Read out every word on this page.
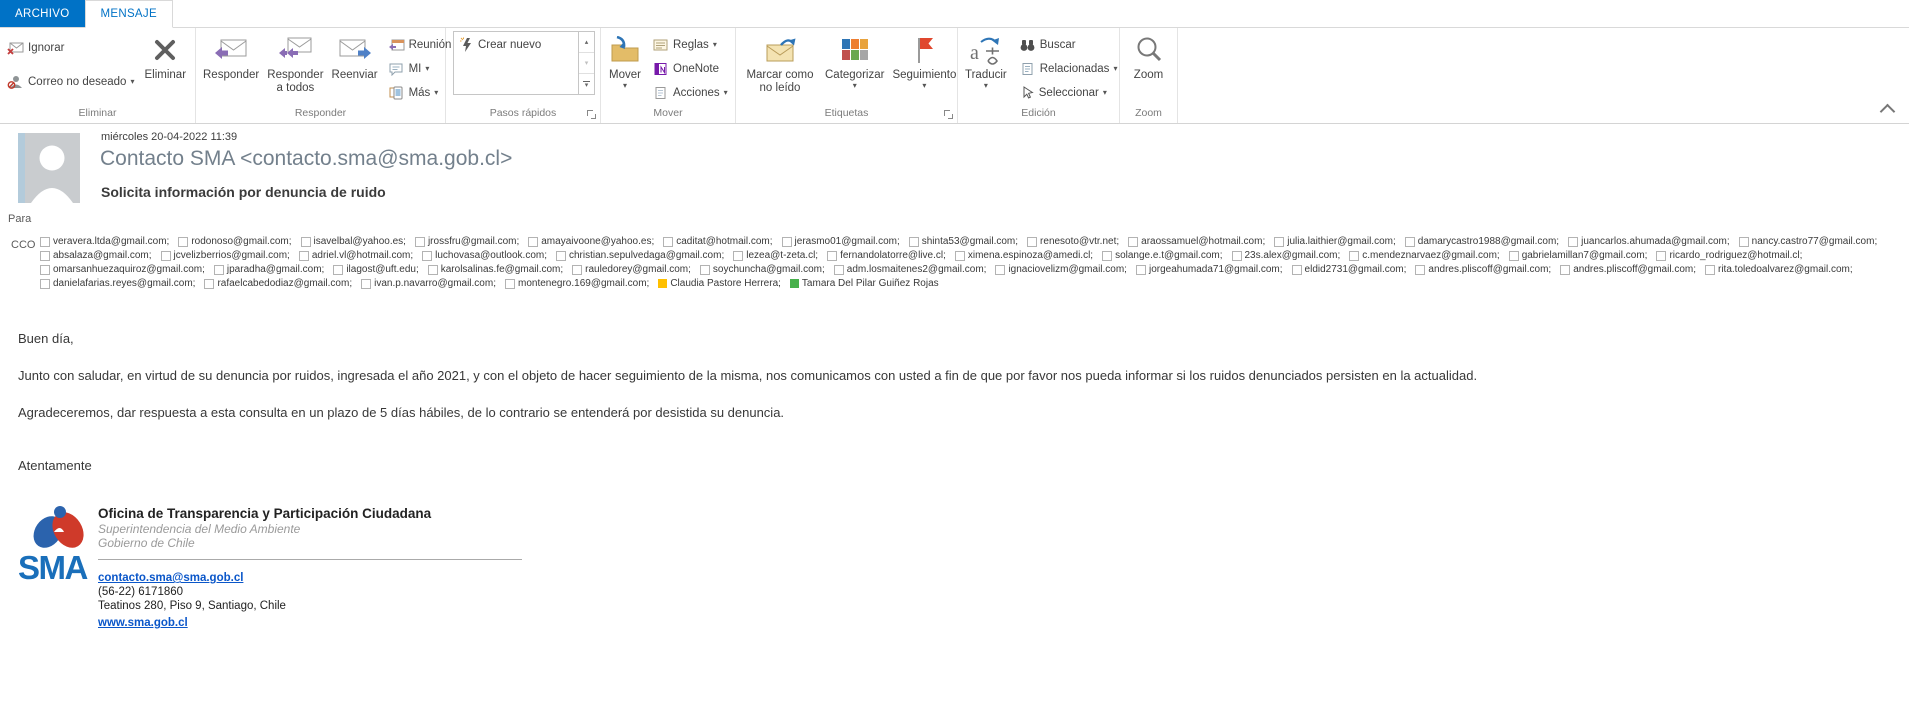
ARCHIVO	MENSAJE
Ignorar
Correo no deseado ▾
Eliminar
Eliminar
Responder Responder a todos
Reenviar
Reunión
MI ▾
Más ▾
Responder
Crear nuevo	▴
▾
▾
Pasos rápidos
Mover
▾
Reglas ▾
OneNote
Acciones ▾
Mover
Marcar como no leído
Categorizar
▾
Seguimiento
▾
Etiquetas
a
Traducir
▾
Buscar
Relacionadas ▾
Seleccionar ▾
Edición
Zoom
Zoom
miércoles 20-04-2022 11:39
Contacto SMA <contacto.sma@sma.gob.cl>
Solicita información por denuncia de ruido
Para
CCO veravera.ltda@gmail.com; rodonoso@gmail.com; isavelbal@yahoo.es; jrossfru@gmail.com; amayaivoone@yahoo.es; caditat@hotmail.com; jerasmo01@gmail.com; shinta53@gmail.com; renesoto@vtr.net; araossamuel@hotmail.com; julia.laithier@gmail.com; damarycastro1988@gmail.com; juancarlos.ahumada@gmail.com; nancy.castro77@gmail.com;
absalaza@gmail.com; jcvelizberrios@gmail.com; adriel.vl@hotmail.com; luchovasa@outlook.com; christian.sepulvedaga@gmail.com; lezea@t-zeta.cl; fernandolatorre@live.cl; ximena.espinoza@amedi.cl; solange.e.t@gmail.com; 23s.alex@gmail.com; c.mendeznarvaez@gmail.com; gabrielamillan7@gmail.com; ricardo_rodriguez@hotmail.cl;
omarsanhuezaquiroz@gmail.com; jparadha@gmail.com; ilagost@uft.edu; karolsalinas.fe@gmail.com; rauledorey@gmail.com; soychuncha@gmail.com; adm.losmaitenes2@gmail.com; ignaciovelizm@gmail.com; jorgeahumada71@gmail.com; eldid2731@gmail.com; andres.pliscoff@gmail.com; andres.pliscoff@gmail.com; rita.toledoalvarez@gmail.com;
danielafarias.reyes@gmail.com; rafaelcabedodiaz@gmail.com; ivan.p.navarro@gmail.com; montenegro.169@gmail.com; Claudia Pastore Herrera; Tamara Del Pilar Guiñez Rojas

Buen día,

Junto con saludar, en virtud de su denuncia por ruidos, ingresada el año 2021, y con el objeto de hacer seguimiento de la misma, nos comunicamos con usted a fin de que por favor nos pueda informar si los ruidos denunciados persisten en la actualidad.

Agradeceremos, dar respuesta a esta consulta en un plazo de 5 días hábiles, de lo contrario se entenderá por desistida su denuncia.

Atentamente

SMA
Oficina de Transparencia y Participación Ciudadana
Superintendencia del Medio Ambiente
Gobierno de Chile
contacto.sma@sma.gob.cl
(56-22) 6171860
Teatinos 280, Piso 9, Santiago, Chile
www.sma.gob.cl
